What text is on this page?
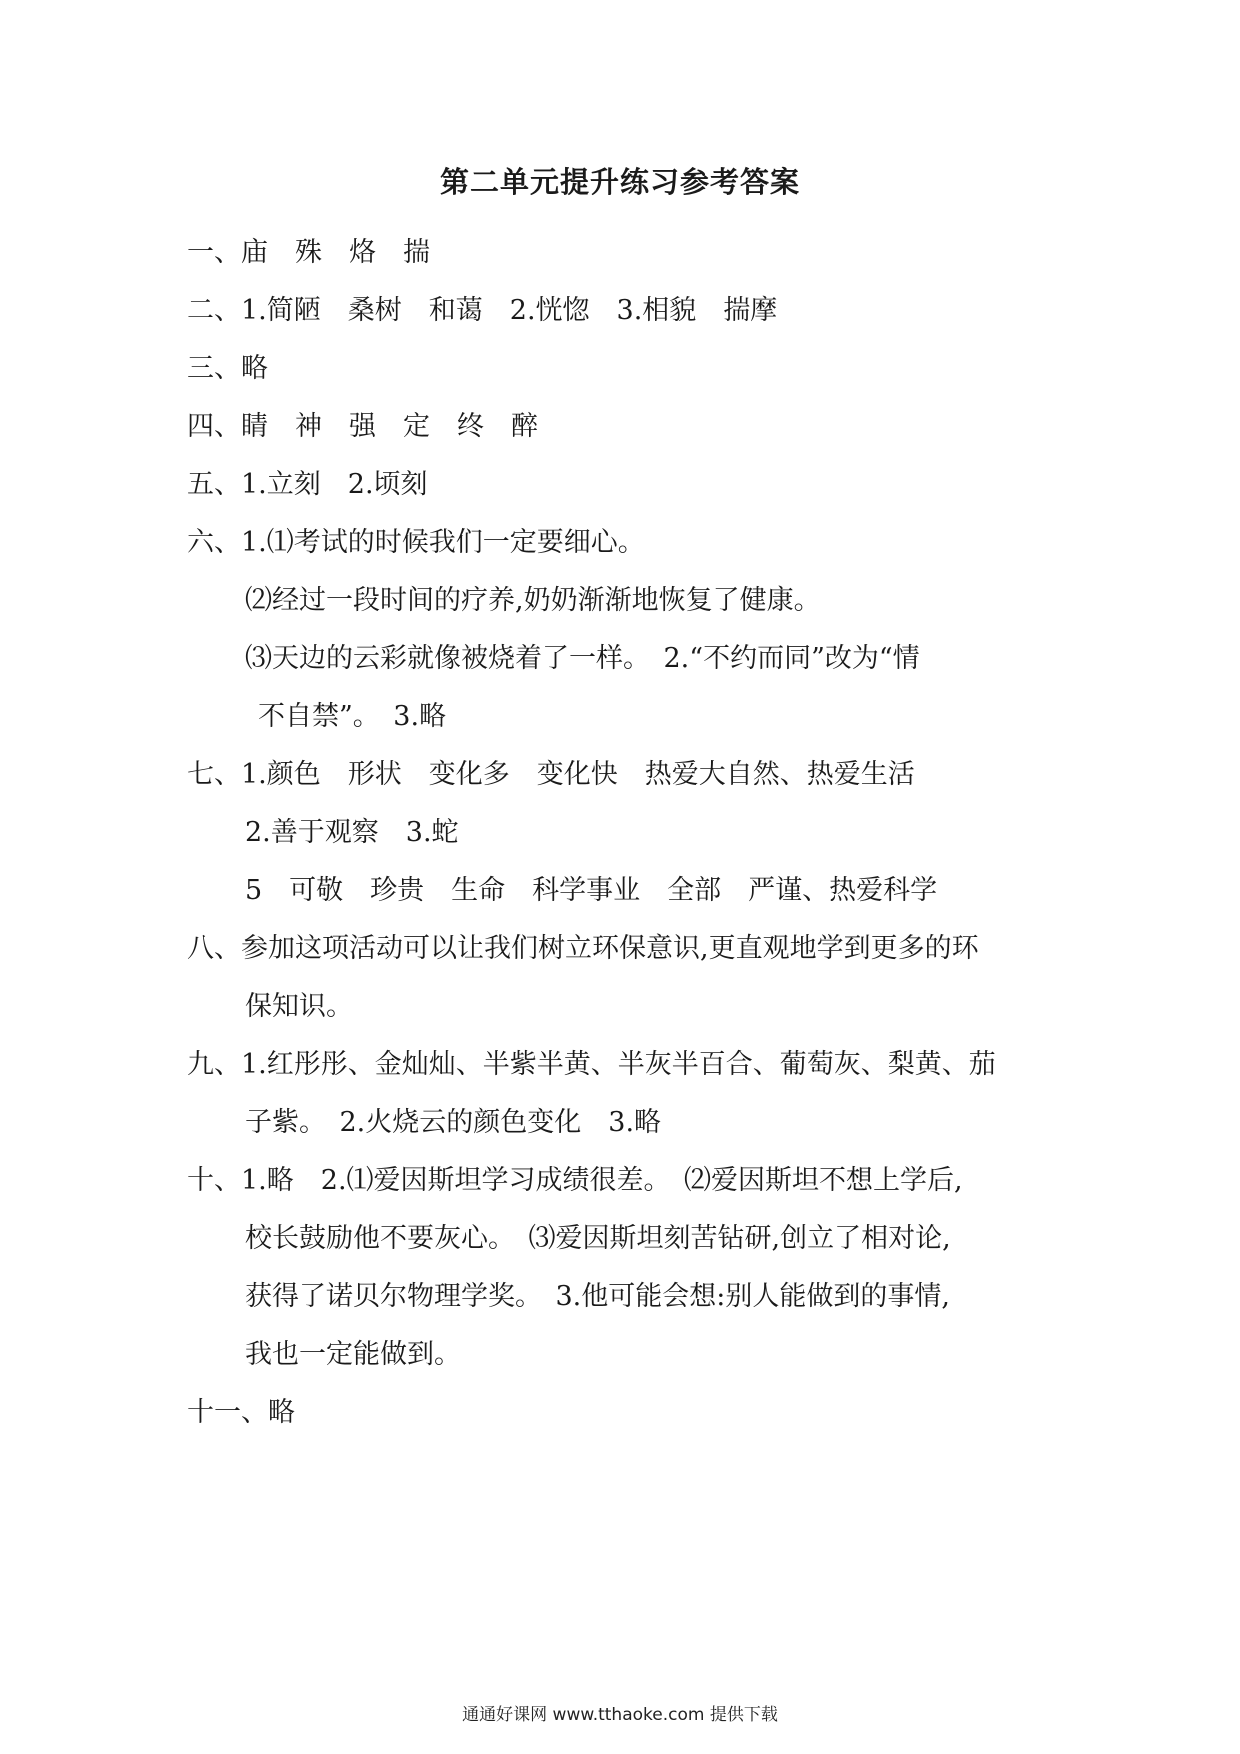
第二单元提升练习参考答案
一、庙　殊　烙　揣
二、1.简陋　桑树　和蔼　2.恍惚　3.相貌　揣摩
三、略
四、睛　神　强　定　终　醉
五、1.立刻　2.顷刻
六、1.⑴考试的时候我们一定要细心。
⑵经过一段时间的疗养,奶奶渐渐地恢复了健康。
⑶天边的云彩就像被烧着了一样。　2.“不约而同”改为“情
不自禁”。　3.略
七、1.颜色　形状　变化多　变化快　热爱大自然、热爱生活
2.善于观察　3.蛇
5　可敬　珍贵　生命　科学事业　全部　严谨、热爱科学
八、参加这项活动可以让我们树立环保意识,更直观地学到更多的环
保知识。
九、1.红彤彤、金灿灿、半紫半黄、半灰半百合、葡萄灰、梨黄、茄
子紫。　2.火烧云的颜色变化　3.略
十、1.略　2.⑴爱因斯坦学习成绩很差。　⑵爱因斯坦不想上学后,
校长鼓励他不要灰心。　⑶爱因斯坦刻苦钻研,创立了相对论,
获得了诺贝尔物理学奖。　3.他可能会想:别人能做到的事情,
我也一定能做到。
十一、略
通通好课网 www.tthaoke.com 提供下载
